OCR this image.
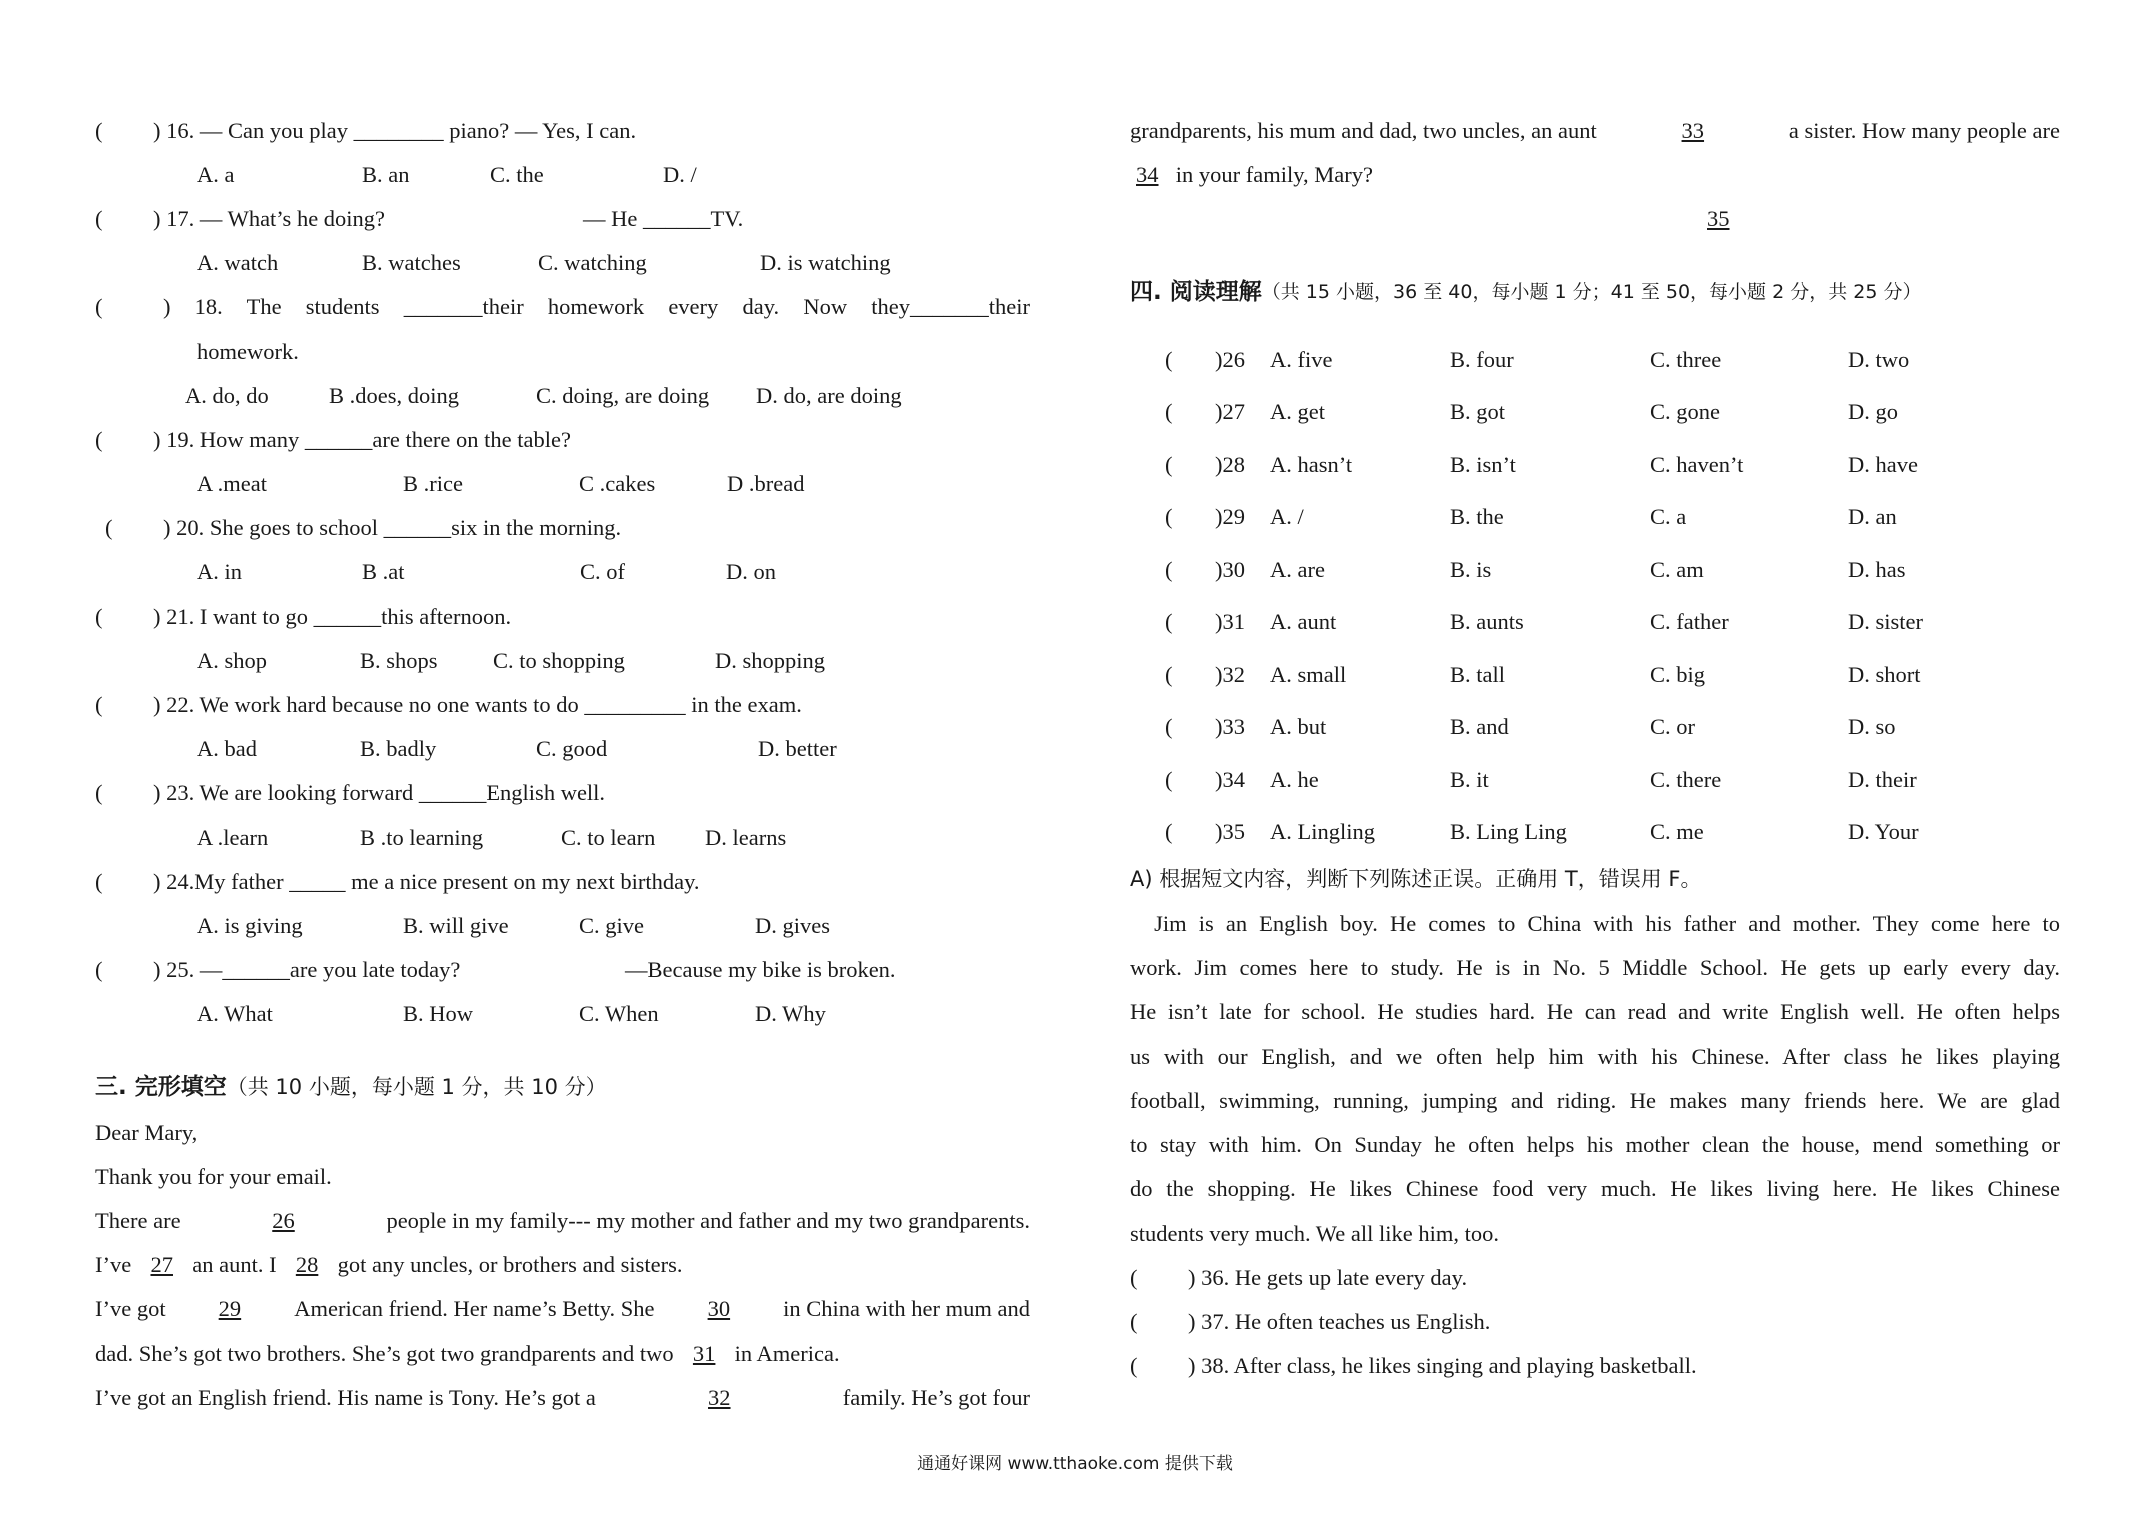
(	) 16. — Can you play ________ piano? — Yes, I can.
A. a	B. an	C. the	D. /
(	) 17. — What’s he doing?	— He ______TV.
A. watch	B. watches	C. watching	D. is watching
(	) 18. The students _______their homework every day. Now they_______their
homework.
A. do, do	B .does, doing	C. doing, are doing	D. do, are doing
(	) 19. How many ______are there on the table?
A .meat	B .rice	C .cakes	D .bread
(	) 20. She goes to school ______six in the morning.
A. in	B .at	C. of	D. on
(	) 21. I want to go ______this afternoon.
A. shop	B. shops	C. to shopping	D. shopping
(	) 22. We work hard because no one wants to do _________ in the exam.
A. bad	B. badly	C. good	D. better
(	) 23. We are looking forward ______English well.
A .learn	B .to learning	C. to learn	D. learns
(	) 24.My father _____ me a nice present on my next birthday.
A. is giving	B. will give	C. give	D. gives
(	) 25. —______are you late today?	—Because my bike is broken.
A. What	B. How	C. When	D. Why
三. 完形填空 （共 10 小题，每小题 1 分，共 10 分）
Dear Mary,
Thank you for your email.
There are	26	people in my family--- my mother and father and my two grandparents.
I’ve
27
an aunt. I
28
got any uncles, or brothers and sisters.
I’ve got 29 American friend. Her name’s Betty. She 30 in China with her mum and
dad. She’s got two brothers. She’s got two grandparents and two
31
in America.
I’ve got an English friend. His name is Tony. He’s got a	32	family. He’s got four
grandparents, his mum and dad, two uncles, an aunt	33	a sister. How many people are
34
in your family, Mary?
35
四. 阅读理解 （共 15 小题，36 至 40，每小题 1 分；41 至 50，每小题 2 分，共 25 分）
(	)26	A. five	B. four	C. three	D. two
(	)27	A. get	B. got	C. gone	D. go
(	)28	A. hasn’t	B. isn’t	C. haven’t	D. have
(	)29	A. /	B. the	C. a	D. an
(	)30	A. are	B. is	C. am	D. has
(	)31	A. aunt	B. aunts	C. father	D. sister
(	)32	A. small	B. tall	C. big	D. short
(	)33	A. but	B. and	C. or	D. so
(	)34	A. he	B. it	C. there	D. their
(	)35	A. Lingling	B. Ling Ling	C. me	D. Your
A) 根据短文内容，判断下列陈述正误。正确用 T，错误用 F。
Jim is an English boy. He comes to China with his father and mother. They come here to
work. Jim comes here to study. He is in No. 5 Middle School. He gets up early every day.
He isn’t late for school. He studies hard. He can read and write English well. He often helps
us with our English, and we often help him with his Chinese. After class he likes playing
football, swimming, running, jumping and riding. He makes many friends here. We are glad
to stay with him. On Sunday he often helps his mother clean the house, mend something or
do the shopping. He likes Chinese food very much. He likes living here. He likes Chinese
students very much. We all like him, too.
(	) 36. He gets up late every day.
(	) 37. He often teaches us English.
(	) 38. After class, he likes singing and playing basketball.
通通好课网 www.tthaoke.com 提供下载
